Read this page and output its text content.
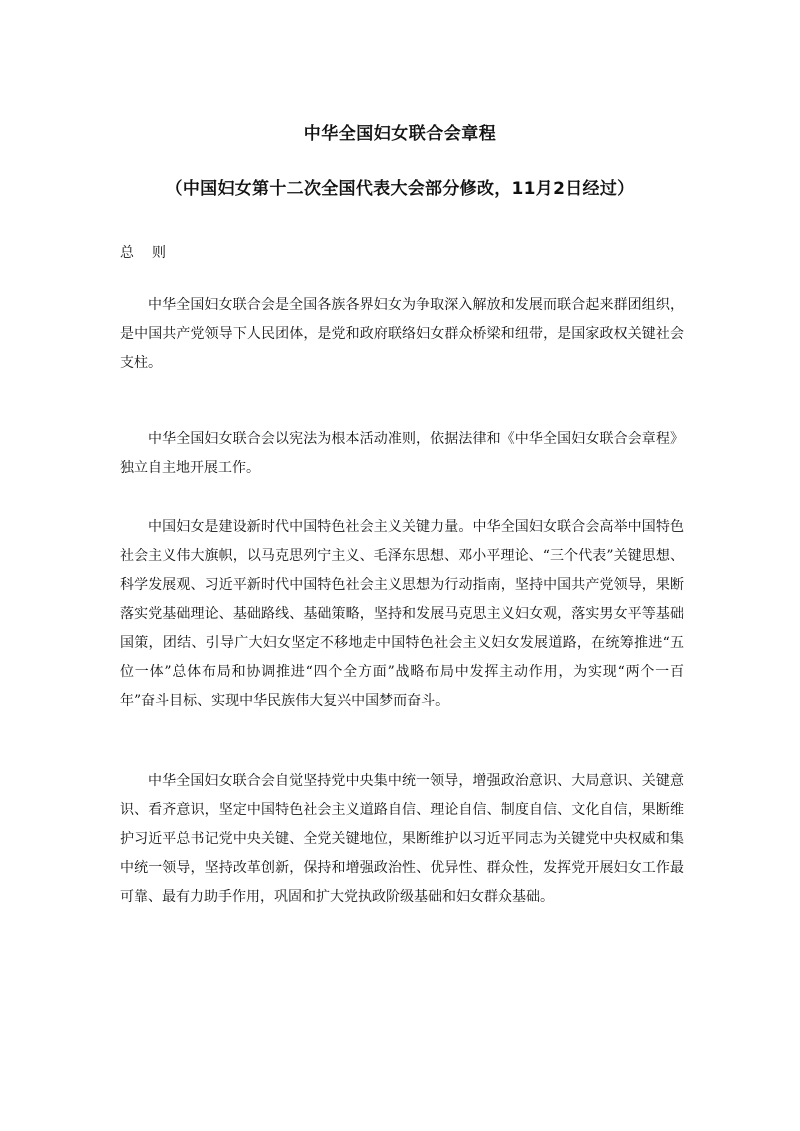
中华全国妇女联合会章程
（中国妇女第十二次全国代表大会部分修改，11月2日经过）
总则

中华全国妇女联合会是全国各族各界妇女为争取深入解放和发展而联合起来群团组织，是中国共产党领导下人民团体，是党和政府联络妇女群众桥梁和纽带，是国家政权关键社会支柱。

中华全国妇女联合会以宪法为根本活动准则，依据法律和《中华全国妇女联合会章程》独立自主地开展工作。

中国妇女是建设新时代中国特色社会主义关键力量。中华全国妇女联合会高举中国特色社会主义伟大旗帜，以马克思列宁主义、毛泽东思想、邓小平理论、“三个代表”关键思想、科学发展观、习近平新时代中国特色社会主义思想为行动指南，坚持中国共产党领导，果断落实党基础理论、基础路线、基础策略，坚持和发展马克思主义妇女观，落实男女平等基础国策，团结、引导广大妇女坚定不移地走中国特色社会主义妇女发展道路，在统筹推进“五位一体”总体布局和协调推进“四个全方面”战略布局中发挥主动作用，为实现“两个一百年”奋斗目标、实现中华民族伟大复兴中国梦而奋斗。

中华全国妇女联合会自觉坚持党中央集中统一领导，增强政治意识、大局意识、关键意识、看齐意识，坚定中国特色社会主义道路自信、理论自信、制度自信、文化自信，果断维护习近平总书记党中央关键、全党关键地位，果断维护以习近平同志为关键党中央权威和集中统一领导，坚持改革创新，保持和增强政治性、优异性、群众性，发挥党开展妇女工作最可靠、最有力助手作用，巩固和扩大党执政阶级基础和妇女群众基础。
